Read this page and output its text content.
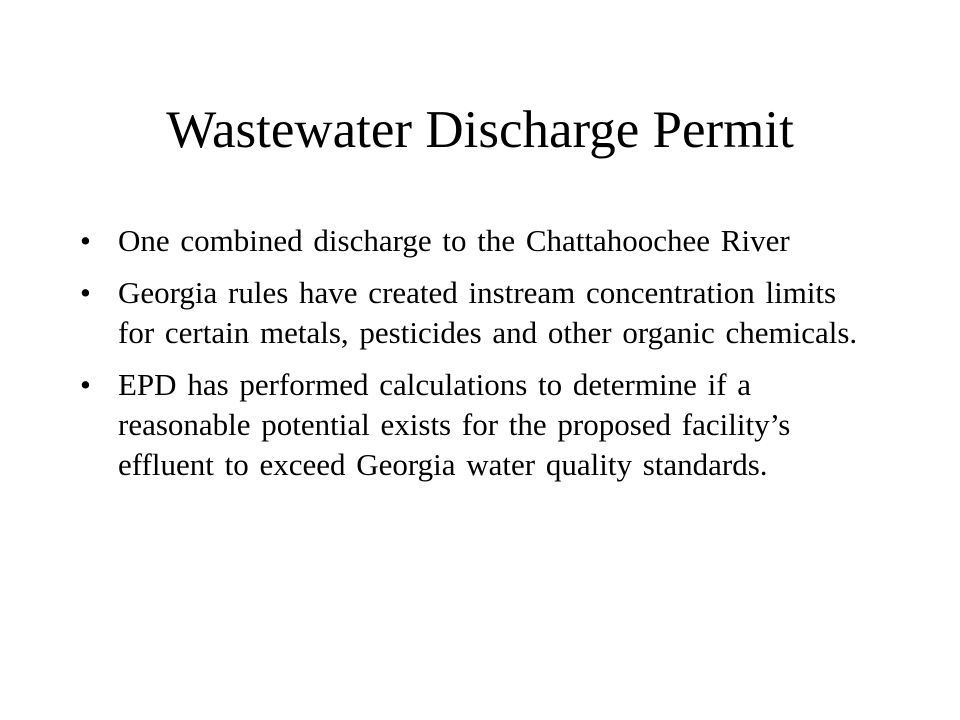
Wastewater Discharge Permit
• One combined discharge to the Chattahoochee River
• Georgia rules have created instream concentration limits for certain metals, pesticides and other organic chemicals.
• EPD has performed calculations to determine if a reasonable potential exists for the proposed facility’s effluent to exceed Georgia water quality standards.
